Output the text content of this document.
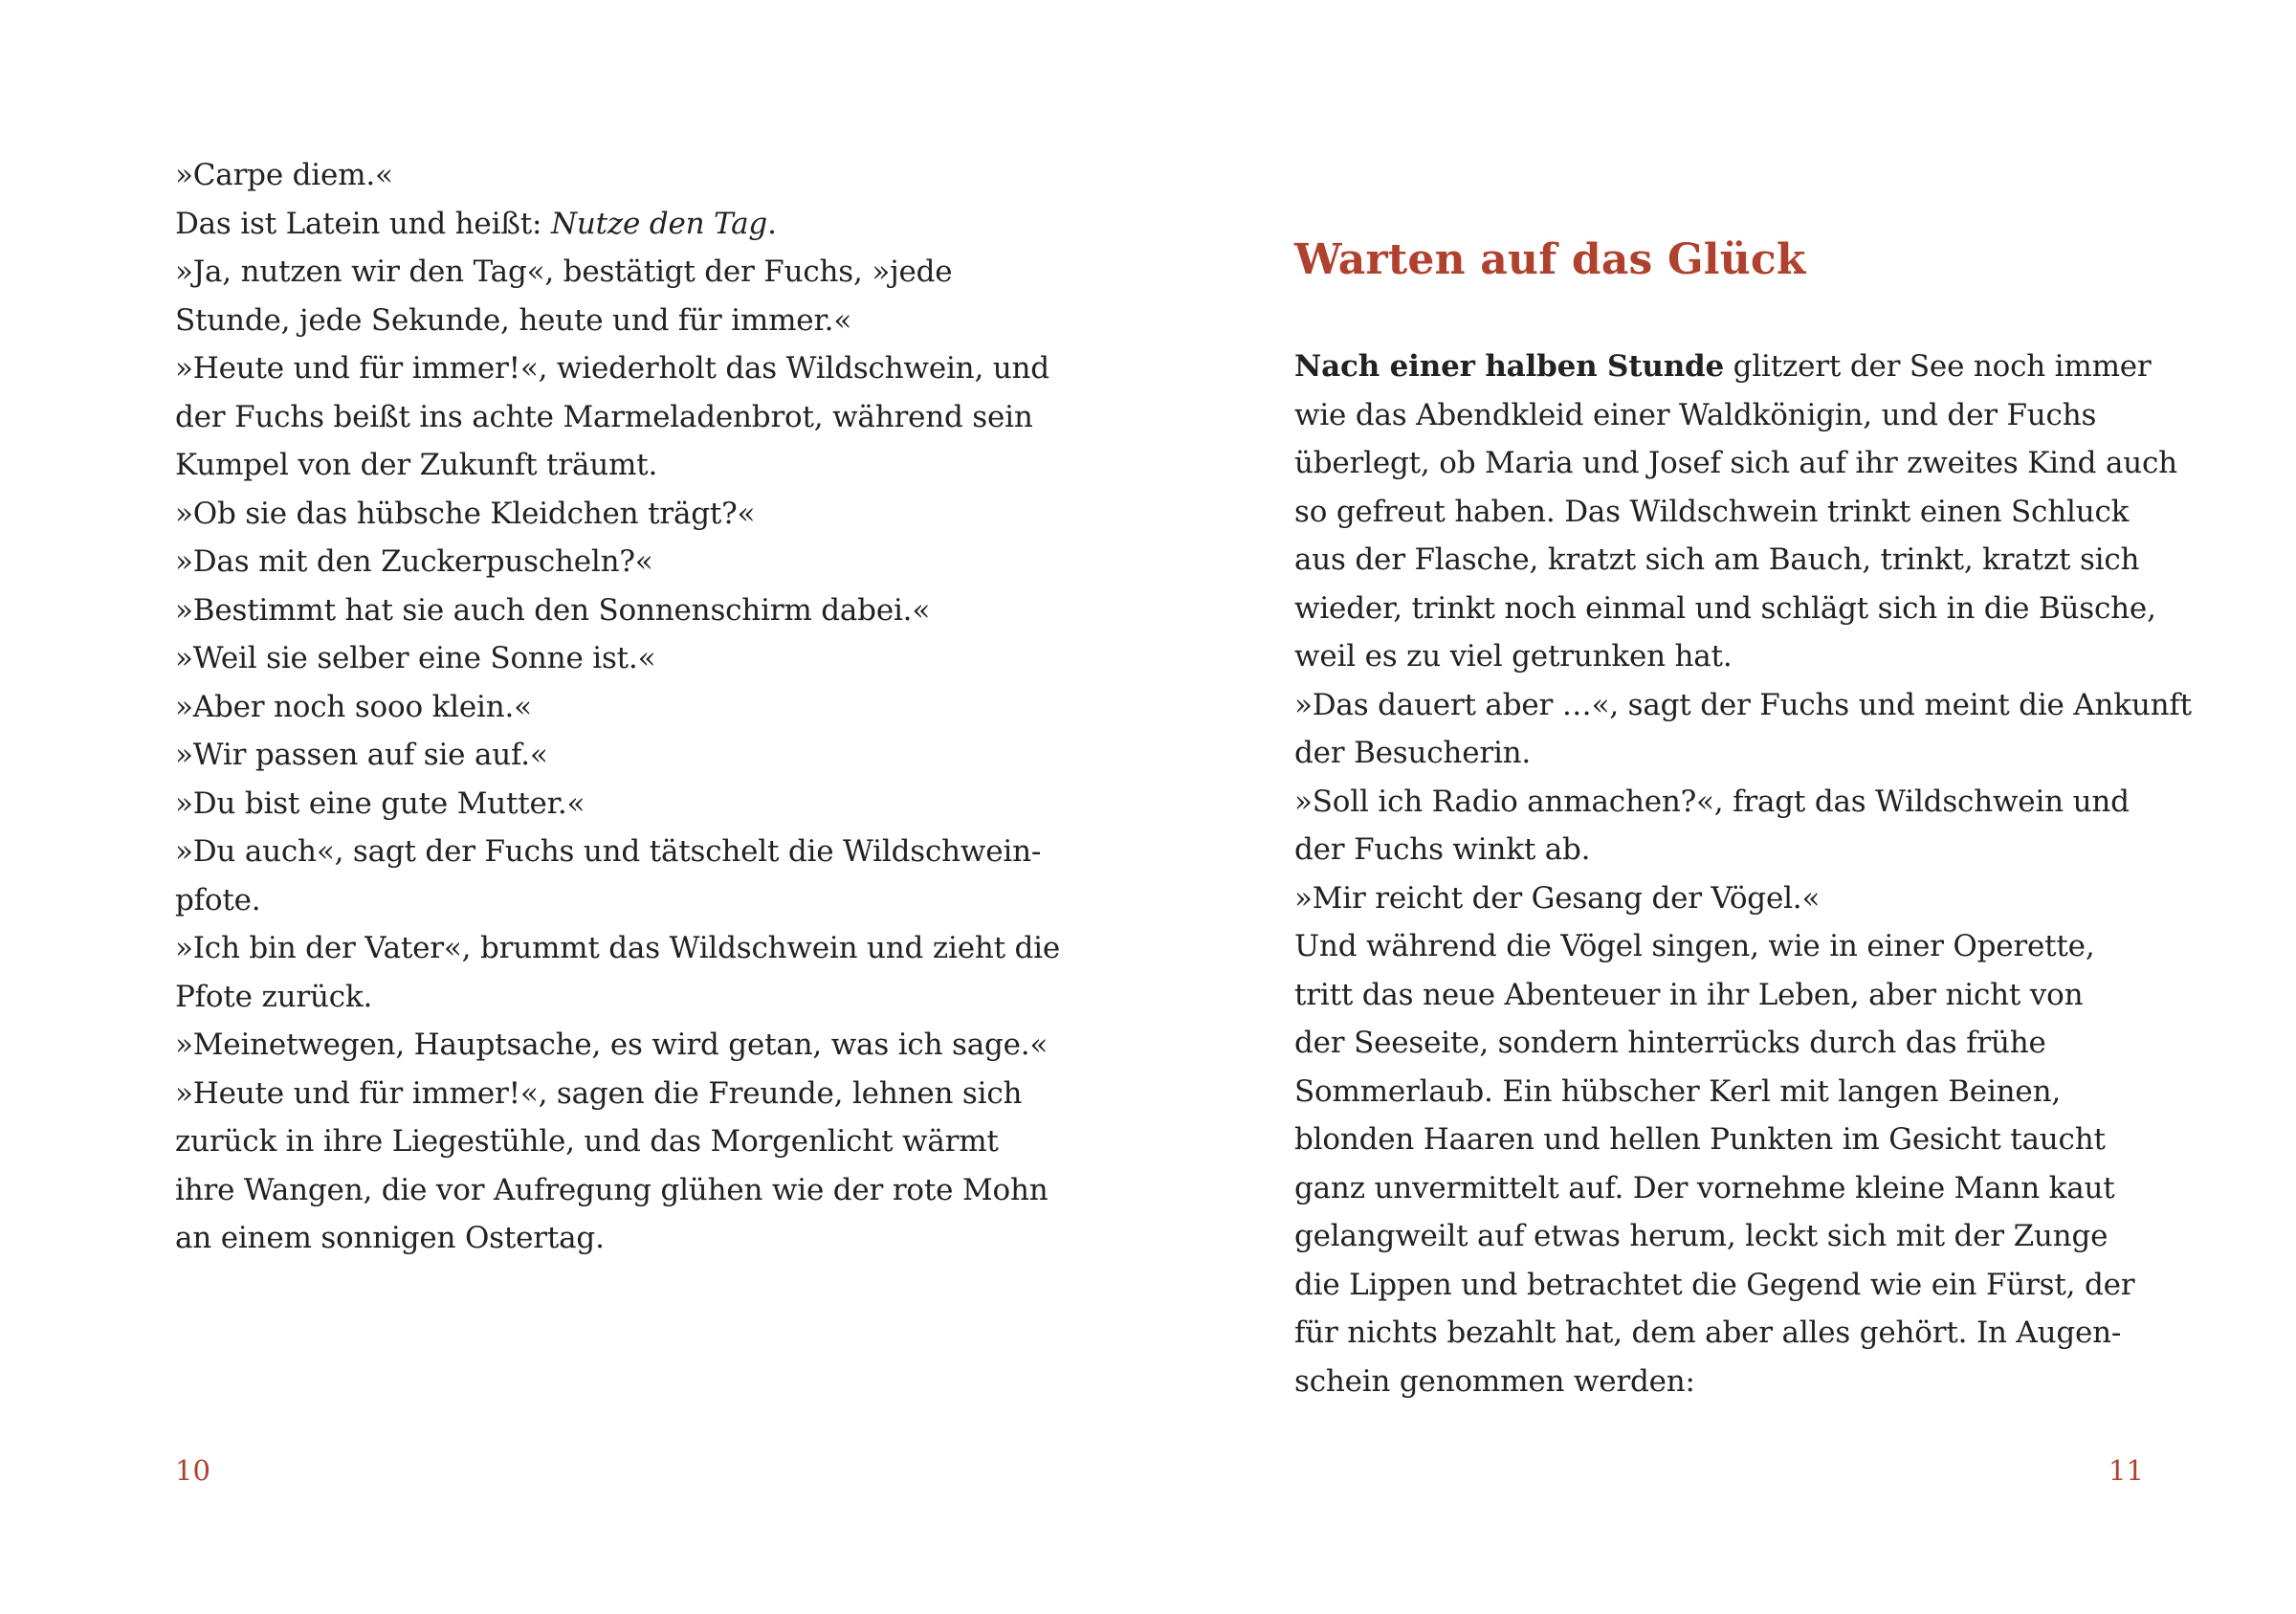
»Carpe diem.«
Das ist Latein und heißt: Nutze den Tag.
»Ja, nutzen wir den Tag«, bestätigt der Fuchs, »jede
Stunde, jede Sekunde, heute und für immer.«
»Heute und für immer!«, wiederholt das Wildschwein, und
der Fuchs beißt ins achte Marmeladenbrot, während sein
Kumpel von der Zukunft träumt.
»Ob sie das hübsche Kleidchen trägt?«
»Das mit den Zuckerpuscheln?«
»Bestimmt hat sie auch den Sonnenschirm dabei.«
»Weil sie selber eine Sonne ist.«
»Aber noch sooo klein.«
»Wir passen auf sie auf.«
»Du bist eine gute Mutter.«
»Du auch«, sagt der Fuchs und tätschelt die Wildschwein-
pfote.
»Ich bin der Vater«, brummt das Wildschwein und zieht die
Pfote zurück.
»Meinetwegen, Hauptsache, es wird getan, was ich sage.«
»Heute und für immer!«, sagen die Freunde, lehnen sich
zurück in ihre Liegestühle, und das Morgenlicht wärmt
ihre Wangen, die vor Aufregung glühen wie der rote Mohn
an einem sonnigen Ostertag.
10
Warten auf das Glück
Nach einer halben Stunde glitzert der See noch immer
wie das Abendkleid einer Waldkönigin, und der Fuchs
überlegt, ob Maria und Josef sich auf ihr zweites Kind auch
so gefreut haben. Das Wildschwein trinkt einen Schluck
aus der Flasche, kratzt sich am Bauch, trinkt, kratzt sich
wieder, trinkt noch einmal und schlägt sich in die Büsche,
weil es zu viel getrunken hat.
»Das dauert aber …«, sagt der Fuchs und meint die Ankunft
der Besucherin.
»Soll ich Radio anmachen?«, fragt das Wildschwein und
der Fuchs winkt ab.
»Mir reicht der Gesang der Vögel.«
Und während die Vögel singen, wie in einer Operette,
tritt das neue Abenteuer in ihr Leben, aber nicht von
der Seeseite, sondern hinterrücks durch das frühe
Sommerlaub. Ein hübscher Kerl mit langen Beinen,
blonden Haaren und hellen Punkten im Gesicht taucht
ganz unvermittelt auf. Der vornehme kleine Mann kaut
gelangweilt auf etwas herum, leckt sich mit der Zunge
die Lippen und betrachtet die Gegend wie ein Fürst, der
für nichts bezahlt hat, dem aber alles gehört. In Augen-
schein genommen werden:
11
